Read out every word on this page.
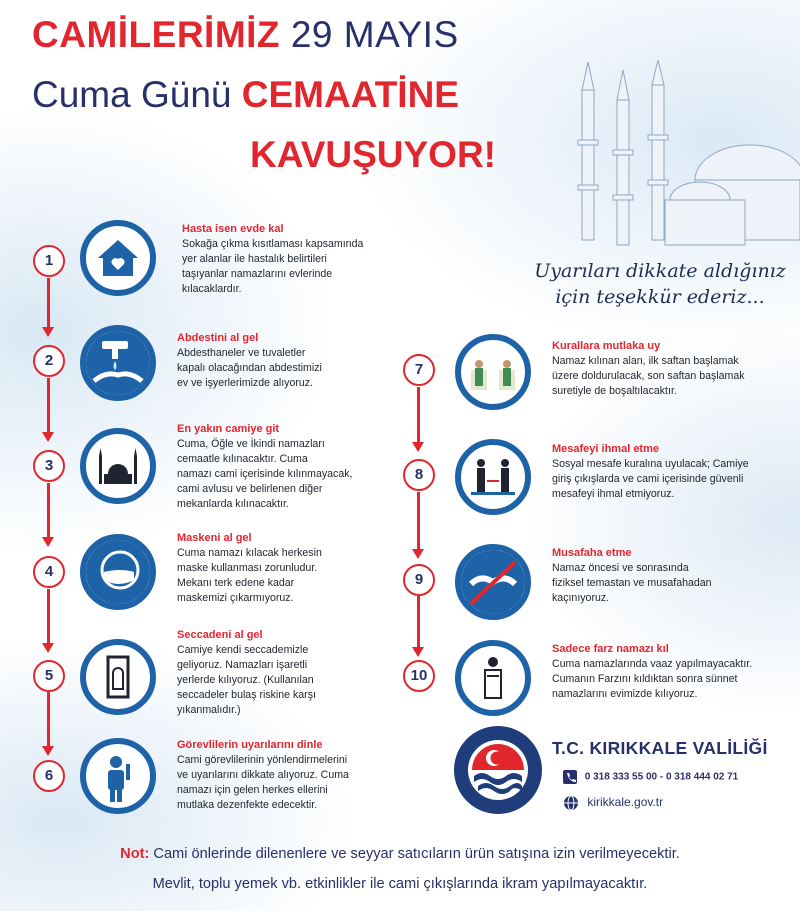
CAMİLERİMİZ 29 MAYIS
Cuma Günü CEMAATİNE
KAVUŞUYOR!
Uyarıları dikkate aldığınız
için teşekkür ederiz...
1
2
3
4
5
6
7
8
9
10
Hasta isen evde kal
Sokağa çıkma kısıtlaması kapsamında
yer alanlar ile hastalık belirtileri
taşıyanlar namazlarını evlerinde
kılacaklardır.
Abdestini al gel
Abdesthaneler ve tuvaletler
kapalı olacağından abdestimizi
ev ve işyerlerimizde alıyoruz.
En yakın camiye git
Cuma, Öğle ve İkindi namazları
cemaatle kılınacaktır. Cuma
namazı cami içerisinde kılınmayacak,
cami avlusu ve belirlenen diğer
mekanlarda kılınacaktır.
Maskeni al gel
Cuma namazı kılacak herkesin
maske kullanması zorunludur.
Mekanı terk edene kadar
maskemizi çıkarmıyoruz.
Seccadeni al gel
Camiye kendi seccademizle
geliyoruz. Namazları işaretli
yerlerde kılıyoruz. (Kullanılan
seccadeler bulaş riskine karşı
yıkanmalıdır.)
Görevlilerin uyarılarını dinle
Cami görevlilerinin yönlendirmelerini
ve uyarılarını dikkate alıyoruz. Cuma
namazı için gelen herkes ellerini
mutlaka dezenfekte edecektir.
Kurallara mutlaka uy
Namaz kılınan alan, ilk saftan başlamak
üzere doldurulacak, son saftan başlamak
suretiyle de boşaltılacaktır.
Mesafeyi ihmal etme
Sosyal mesafe kuralına uyulacak; Camiye
giriş çıkışlarda ve cami içerisinde güvenli
mesafeyi ihmal etmiyoruz.
Musafaha etme
Namaz öncesi ve sonrasında
fiziksel temastan ve musafahadan
kaçınıyoruz.
Sadece farz namazı kıl
Cuma namazlarında vaaz yapılmayacaktır.
Cumanın Farzını kıldıktan sonra sünnet
namazlarını evimizde kılıyoruz.
T.C. KIRIKKALE VALİLİĞİ
0 318 333 55 00 - 0 318 444 02 71
kirikkale.gov.tr
Not: Cami önlerinde dilenenlere ve seyyar satıcıların ürün satışına izin verilmeyecektir.
Mevlit, toplu yemek vb. etkinlikler ile cami çıkışlarında ikram yapılmayacaktır.
